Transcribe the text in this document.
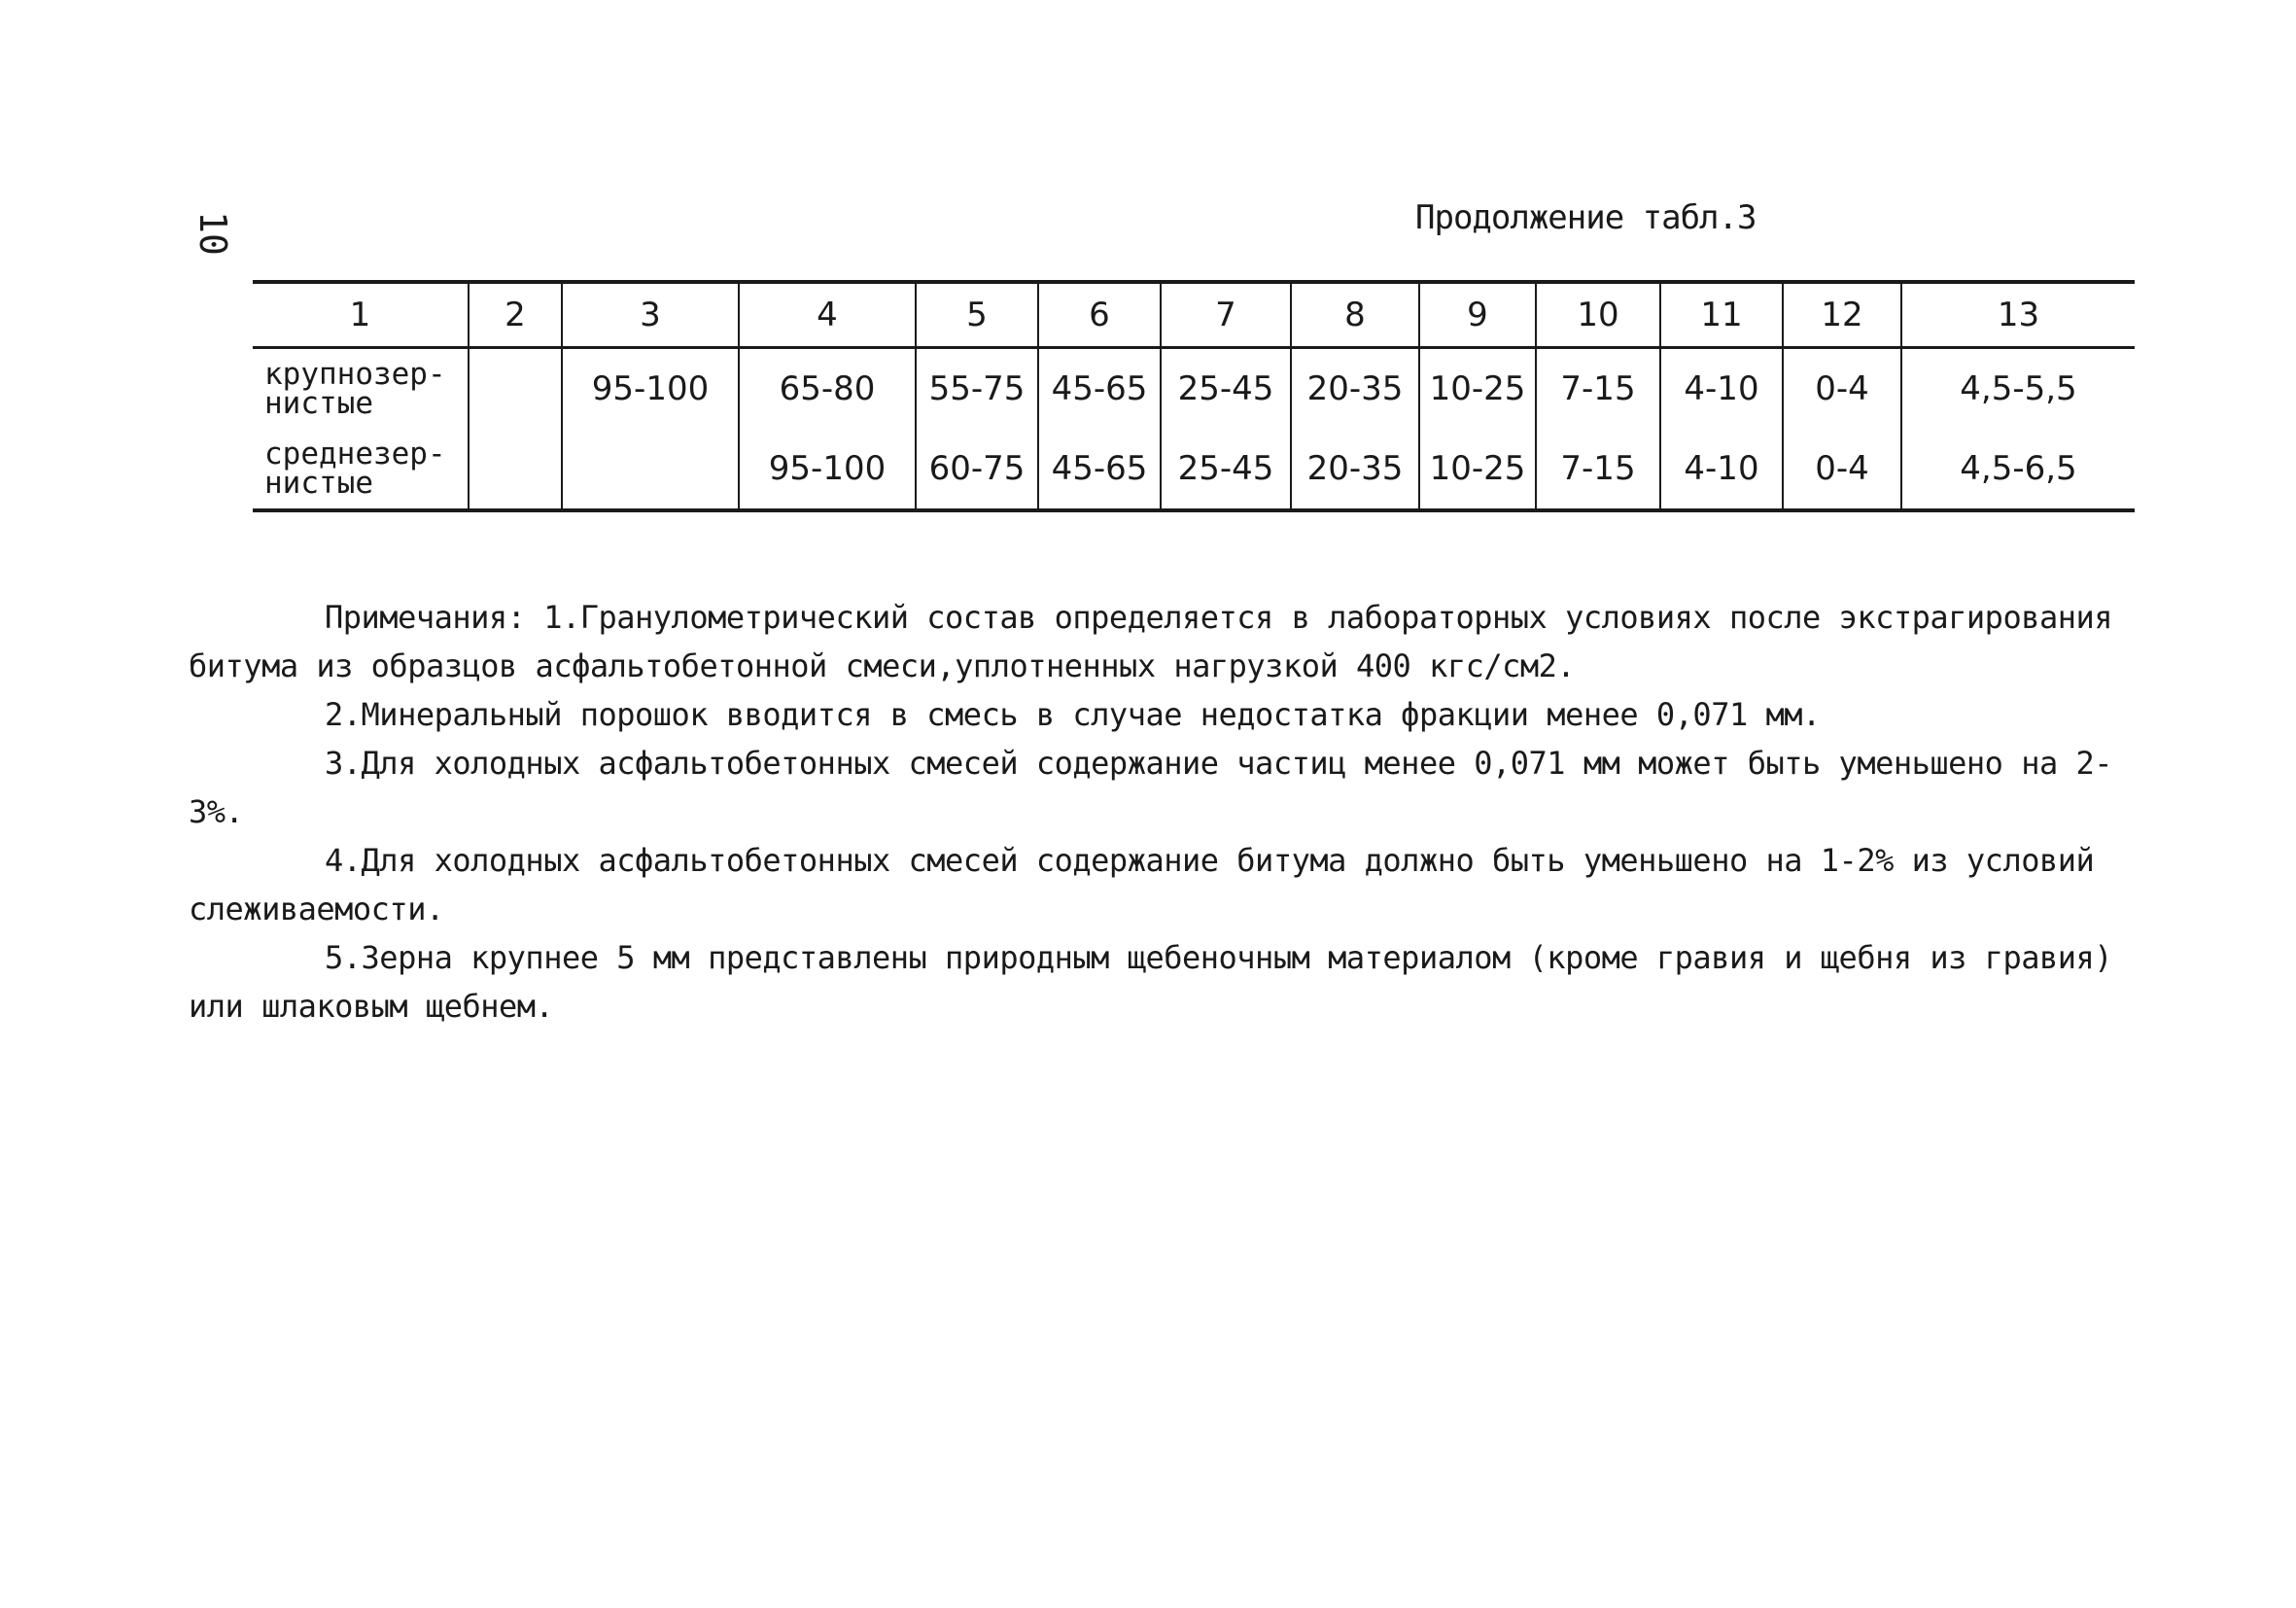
10	Продолжение табл.3
1	2	3	4	5	6	7	8	9	10	11	12	13
крупнозер-
нистые		95-100	65-80	55-75	45-65	25-45	20-35	10-25	7-15	4-10	0-4	4,5-5,5
среднезер-
нистые			95-100	60-75	45-65	25-45	20-35	10-25	7-15	4-10	0-4	4,5-6,5

Примечания: 1.Гранулометрический состав определяется в лабораторных условиях после экстрагирования битума из образцов асфальтобетонной смеси,уплотненных нагрузкой 400 кгс/см2.

2.Минеральный порошок вводится в смесь в случае недостатка фракции менее 0,071 мм.

3.Для холодных асфальтобетонных смесей содержание частиц менее 0,071 мм может быть уменьшено на 2-3%.

4.Для холодных асфальтобетонных смесей содержание битума должно быть уменьшено на 1-2% из условий слеживаемости.

5.Зерна крупнее 5 мм представлены природным щебеночным материалом (кроме гравия и щебня из гравия) или шлаковым щебнем.
